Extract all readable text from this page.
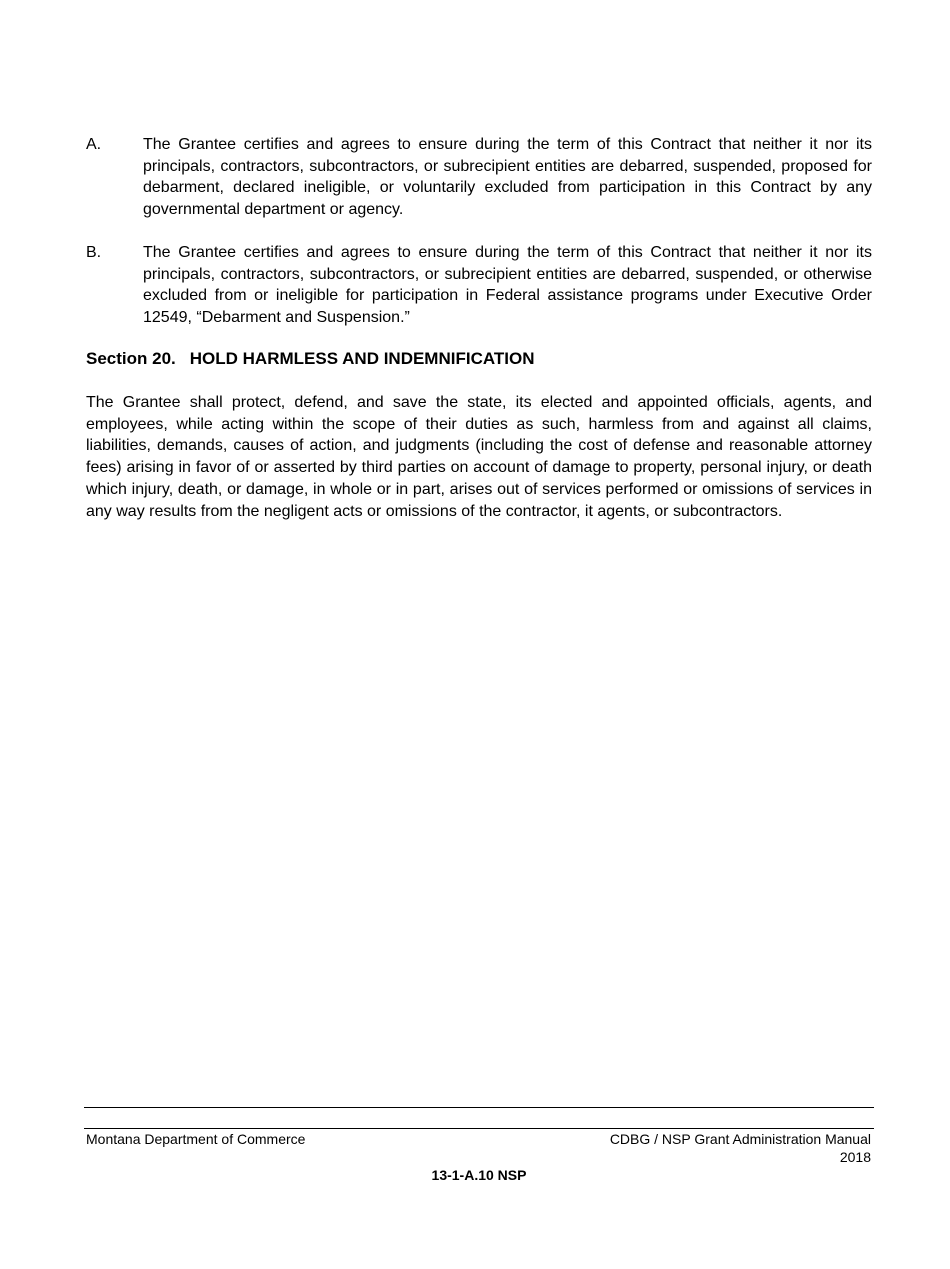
A.	The Grantee certifies and agrees to ensure during the term of this Contract that neither it nor its principals, contractors, subcontractors, or subrecipient entities are debarred, suspended, proposed for debarment, declared ineligible, or voluntarily excluded from participation in this Contract by any governmental department or agency.
B.	The Grantee certifies and agrees to ensure during the term of this Contract that neither it nor its principals, contractors, subcontractors, or subrecipient entities are debarred, suspended, or otherwise excluded from or ineligible for participation in Federal assistance programs under Executive Order 12549, “Debarment and Suspension.”
Section 20. HOLD HARMLESS AND INDEMNIFICATION
The Grantee shall protect, defend, and save the state, its elected and appointed officials, agents, and employees, while acting within the scope of their duties as such, harmless from and against all claims, liabilities, demands, causes of action, and judgments (including the cost of defense and reasonable attorney fees) arising in favor of or asserted by third parties on account of damage to property, personal injury, or death which injury, death, or damage, in whole or in part, arises out of services performed or omissions of services in any way results from the negligent acts or omissions of the contractor, it agents, or subcontractors.
Montana Department of Commerce	CDBG / NSP Grant Administration Manual
2018
13-1-A.10 NSP
